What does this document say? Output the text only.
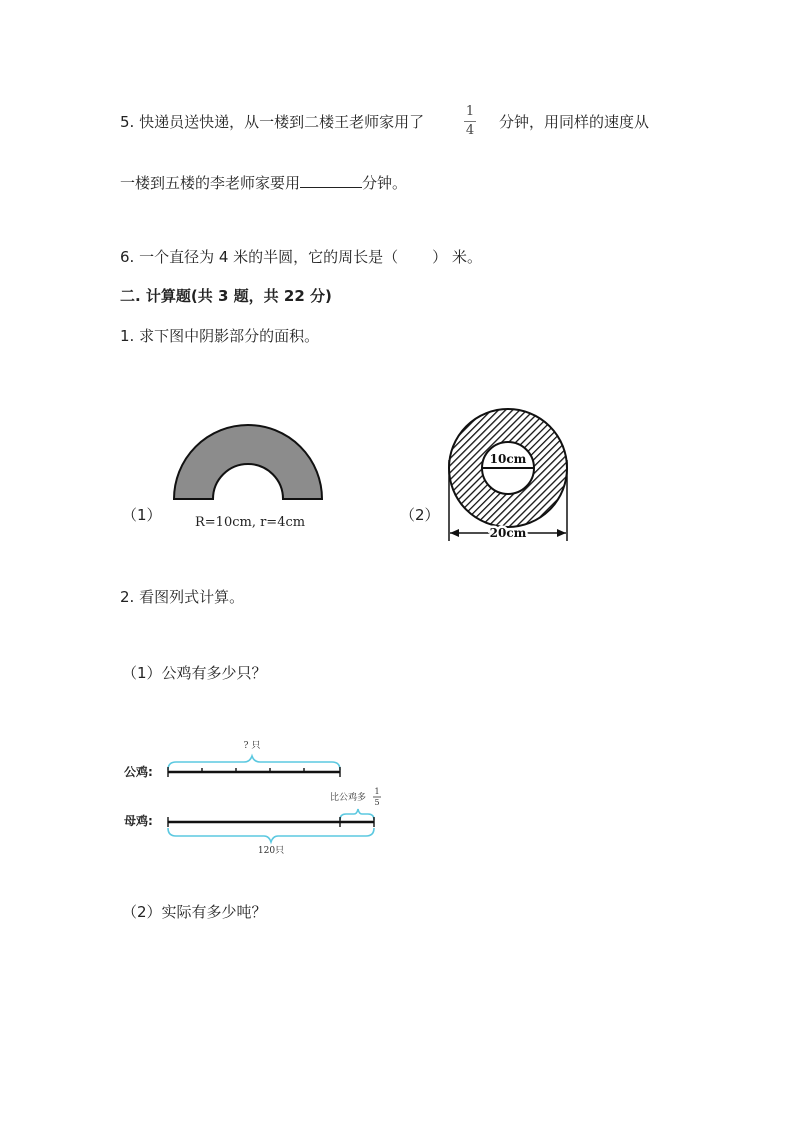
5. 快递员送快递，从一楼到二楼王老师家用了
1
4 分钟，用同样的速度从
一楼到五楼的李老师家要用	分钟。
6. 一个直径为 4 米的半圆，它的周长是（ ） 米。
二. 计算题(共 3 题，共 22 分)
1. 求下图中阴影部分的面积。
（1）	R=10cm, r=4cm	（2）
10cm
20cm
2. 看图列式计算。
（1）公鸡有多少只？
? 只
公鸡:
比公鸡多
1
5
母鸡:
120只
（2）实际有多少吨？
